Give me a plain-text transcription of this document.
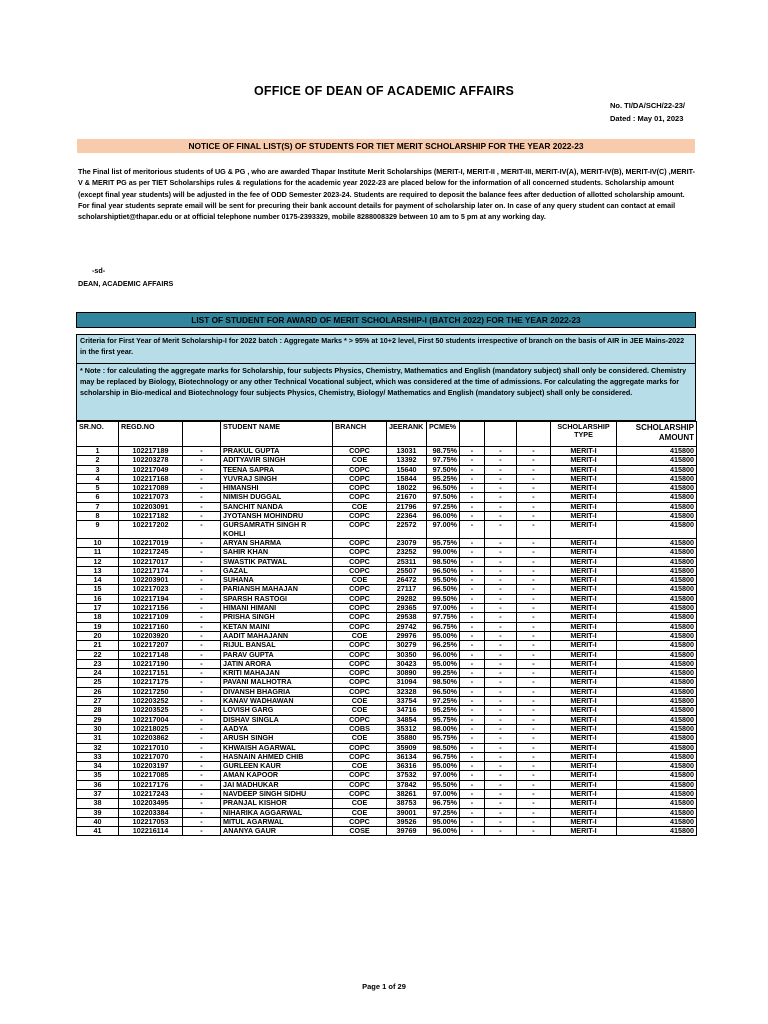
OFFICE OF DEAN OF ACADEMIC AFFAIRS
No. TI/DA/SCH/22-23/
Dated : May 01, 2023
NOTICE OF FINAL LIST(S) OF STUDENTS FOR TIET MERIT SCHOLARSHIP FOR THE YEAR 2022-23
The Final list of meritorious students of UG & PG , who are awarded Thapar Institute Merit Scholarships (MERIT-I, MERIT-II , MERIT-III, MERIT-IV(A), MERIT-IV(B), MERIT-IV(C) ,MERIT-V & MERIT PG as per TIET Scholarships rules & regulations for the academic year 2022-23 are placed below for the information of all concerned students. Scholarship amount (except final year students) will be adjusted in the fee of ODD Semester 2023-24. Students are required to deposit the balance fees after deduction of allotted scholarship amount. For final year students seprate email will be sent for precuring their bank account details for payment of scholarship later on. In case of any query student can contact at email scholarshiptiet@thapar.edu or at official telephone number 0175-2393329, mobile 8288008329 between 10 am to 5 pm at any working day.
-sd-
DEAN, ACADEMIC AFFAIRS
LIST OF STUDENT FOR AWARD OF MERIT SCHOLARSHIP-I (BATCH 2022) FOR THE YEAR 2022-23
Criteria for First Year of Merit Scholarship-I for 2022 batch : Aggregate Marks * > 95% at 10+2 level, First 50 students irrespective of branch on the basis of AIR in JEE Mains-2022 in the first year.
* Note : for calculating the aggregate marks for Scholarship, four subjects Physics, Chemistry, Mathematics and English (mandatory subject) shall only be considered. Chemistry may be replaced by Biology, Biotechnology or any other Technical Vocational subject, which was considered at the time of admissions. For calculating the aggregate marks for scholarship in Bio-medical and Biotechnology four subjects Physics, Chemistry, Biology/ Mathematics and English (mandatory subject) shall only be considered.
SR.NO.	REGD.NO		STUDENT NAME	BRANCH	JEERANK	PCME%				SCHOLARSHIP TYPE	SCHOLARSHIP AMOUNT
1	102217189	-	PRAKUL GUPTA	COPC	13031	98.75%	-	-	-	MERIT-I	415800
2	102203278	-	ADITYAVIR SINGH	COE	13392	97.75%	-	-	-	MERIT-I	415800
3	102217049	-	TEENA SAPRA	COPC	15640	97.50%	-	-	-	MERIT-I	415800
4	102217168	-	YUVRAJ SINGH	COPC	15844	95.25%	-	-	-	MERIT-I	415800
5	102217089	-	HIMANSHI	COPC	18022	96.50%	-	-	-	MERIT-I	415800
6	102217073	-	NIMISH DUGGAL	COPC	21670	97.50%	-	-	-	MERIT-I	415800
7	102203091	-	SANCHIT NANDA	COE	21796	97.25%	-	-	-	MERIT-I	415800
8	102217182	-	JYOTANSH MOHINDRU	COPC	22364	96.00%	-	-	-	MERIT-I	415800
9	102217202	-	GURSAMRATH SINGH R KOHLI	COPC	22572	97.00%	-	-	-	MERIT-I	415800
10	102217019	-	ARYAN SHARMA	COPC	23079	95.75%	-	-	-	MERIT-I	415800
11	102217245	-	SAHIR KHAN	COPC	23252	99.00%	-	-	-	MERIT-I	415800
12	102217017	-	SWASTIK PATWAL	COPC	25311	98.50%	-	-	-	MERIT-I	415800
13	102217174	-	GAZAL	COPC	25507	96.50%	-	-	-	MERIT-I	415800
14	102203901	-	SUHANA	COE	26472	95.50%	-	-	-	MERIT-I	415800
15	102217023	-	PARIANSH MAHAJAN	COPC	27117	96.50%	-	-	-	MERIT-I	415800
16	102217194	-	SPARSH RASTOGI	COPC	29282	99.50%	-	-	-	MERIT-I	415800
17	102217156	-	HIMANI HIMANI	COPC	29365	97.00%	-	-	-	MERIT-I	415800
18	102217109	-	PRISHA SINGH	COPC	29538	97.75%	-	-	-	MERIT-I	415800
19	102217160	-	KETAN MAINI	COPC	29742	96.75%	-	-	-	MERIT-I	415800
20	102203920	-	AADIT MAHAJANN	COE	29976	95.00%	-	-	-	MERIT-I	415800
21	102217207	-	RIJUL BANSAL	COPC	30279	96.25%	-	-	-	MERIT-I	415800
22	102217148	-	PARAV GUPTA	COPC	30350	96.00%	-	-	-	MERIT-I	415800
23	102217190	-	JATIN ARORA	COPC	30423	95.00%	-	-	-	MERIT-I	415800
24	102217151	-	KRITI MAHAJAN	COPC	30890	99.25%	-	-	-	MERIT-I	415800
25	102217175	-	PAVANI MALHOTRA	COPC	31094	98.50%	-	-	-	MERIT-I	415800
26	102217250	-	DIVANSH BHAGRIA	COPC	32328	96.50%	-	-	-	MERIT-I	415800
27	102203252	-	KANAV WADHAWAN	COE	33754	97.25%	-	-	-	MERIT-I	415800
28	102203525	-	LOVISH GARG	COE	34716	95.25%	-	-	-	MERIT-I	415800
29	102217004	-	DISHAV SINGLA	COPC	34854	95.75%	-	-	-	MERIT-I	415800
30	102218025	-	AADYA	COBS	35312	98.00%	-	-	-	MERIT-I	415800
31	102203862	-	ARUSH SINGH	COE	35880	95.75%	-	-	-	MERIT-I	415800
32	102217010	-	KHWAISH AGARWAL	COPC	35909	98.50%	-	-	-	MERIT-I	415800
33	102217070	-	HASNAIN AHMED CHIB	COPC	36134	96.75%	-	-	-	MERIT-I	415800
34	102203197	-	GURLEEN KAUR	COE	36316	95.00%	-	-	-	MERIT-I	415800
35	102217085	-	AMAN KAPOOR	COPC	37532	97.00%	-	-	-	MERIT-I	415800
36	102217176	-	JAI MADHUKAR	COPC	37842	95.50%	-	-	-	MERIT-I	415800
37	102217243	-	NAVDEEP SINGH SIDHU	COPC	38261	97.00%	-	-	-	MERIT-I	415800
38	102203495	-	PRANJAL KISHOR	COE	38753	96.75%	-	-	-	MERIT-I	415800
39	102203384	-	NIHARIKA AGGARWAL	COE	39001	97.25%	-	-	-	MERIT-I	415800
40	102217053	-	MITUL AGARWAL	COPC	39526	95.00%	-	-	-	MERIT-I	415800
41	102216114	-	ANANYA GAUR	COSE	39769	96.00%	-	-	-	MERIT-I	415800
Page 1 of 29
